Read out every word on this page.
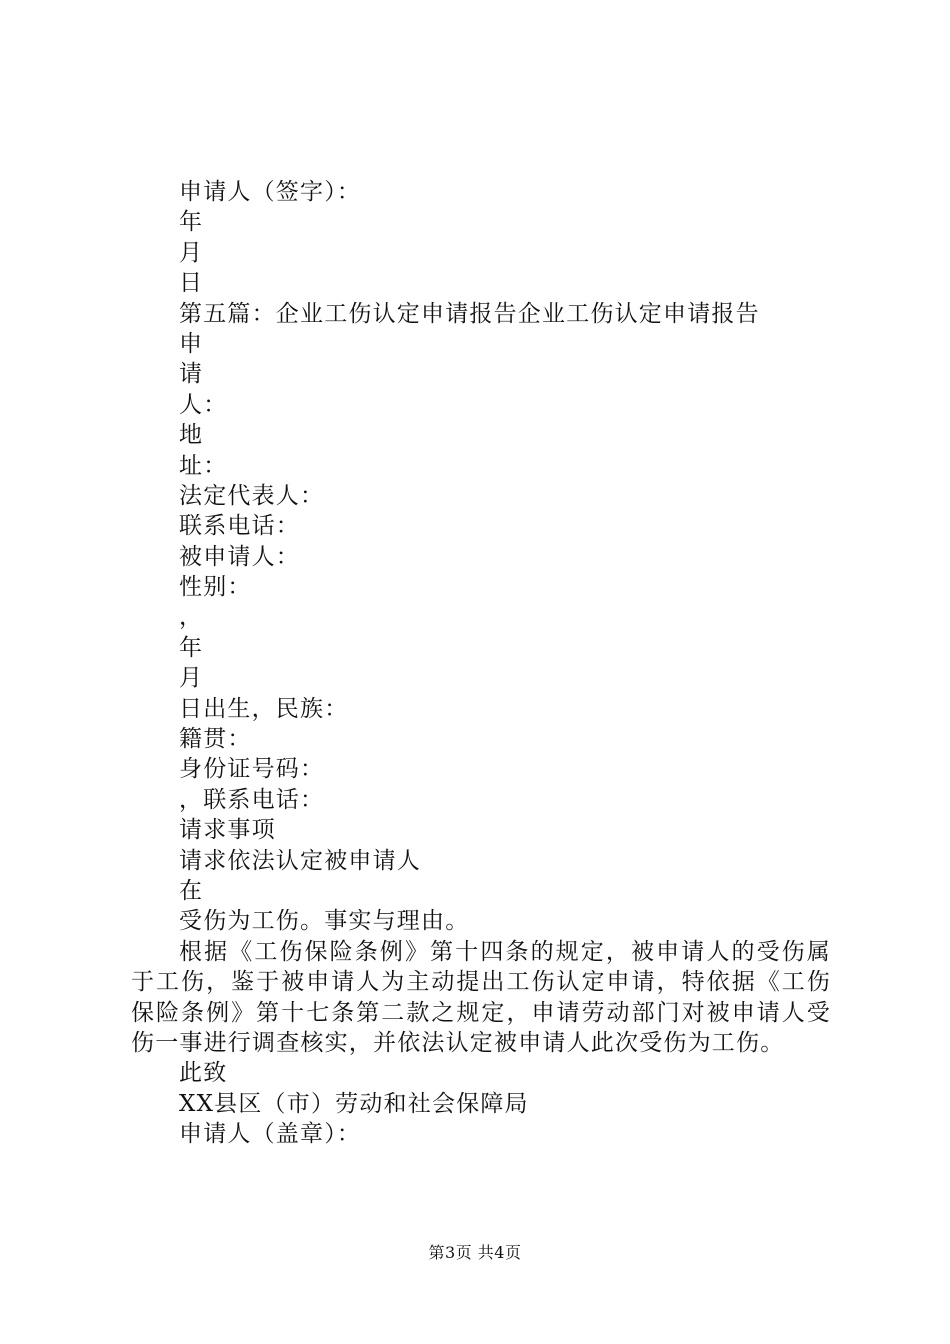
申请人（签字）：
年
月
日
第五篇：企业工伤认定申请报告企业工伤认定申请报告
申
请
人：
地
址：
法定代表人：
联系电话：
被申请人：
性别：
，
年
月
日出生，民族：
籍贯：
身份证号码：
，联系电话：
请求事项
请求依法认定被申请人
在
受伤为工伤。事实与理由。
根据《工伤保险条例》第十四条的规定，被申请人的受伤属于工伤，鉴于被申请人为主动提出工伤认定申请，特依据《工伤保险条例》第十七条第二款之规定，申请劳动部门对被申请人受伤一事进行调查核实，并依法认定被申请人此次受伤为工伤。
此致
XX县区（市）劳动和社会保障局
申请人（盖章）：
第3页 共4页
